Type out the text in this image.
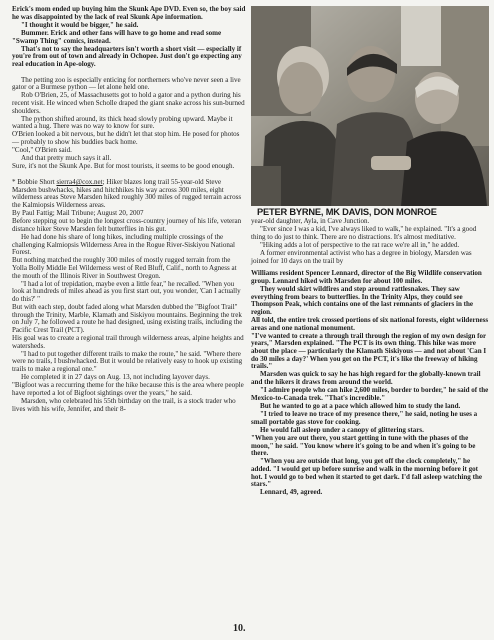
Erick's mom ended up buying him the Skunk Ape DVD. Even so, the boy said he was disappointed by the lack of real Skunk Ape information.

"I thought it would be bigger," he said.

Bummer. Erick and other fans will have to go home and read some "Swamp Thing" comics, instead.

That's not to say the headquarters isn't worth a short visit — especially if you're from out of town and already in Ochopee. Just don't go expecting any real education in Ape-ology.

The petting zoo is especially enticing for northerners who've never seen a live gator or a Burmese python — let alone held one.

Rob O'Brien, 25, of Massachusetts got to hold a gator and a python during his recent visit. He winced when Scholle draped the giant snake across his sun-burned shoulders.

The python shifted around, its thick head slowly probing upward. Maybe it wanted a hug. There was no way to know for sure.

O'Brien looked a bit nervous, but he didn't let that stop him. He posed for photos — probably to show his buddies back home.

"Cool," O'Brien said.

And that pretty much says it all.

Sure, it's not the Skunk Ape. But for most tourists, it seems to be good enough.

* Bobbie Short sierra4@cox.net; Hiker blazes long trail 55-year-old Steve Marsden bushwhacks, hikes and hitchhikes his way across 300 miles, eight wilderness areas Steve Marsden hiked roughly 300 miles of rugged terrain across the Kalmiopsis Wilderness areas.

By Paul Fattig; Mail Tribune; August 20, 2007

Before stepping out to begin the longest cross-country journey of his life, veteran distance hiker Steve Marsden felt butterflies in his gut.

He had done his share of long hikes, including multiple crossings of the challenging Kalmiopsis Wilderness Area in the Rogue River-Siskiyou National Forest.

But nothing matched the roughly 300 miles of mostly rugged terrain from the Yolla Bolly Middle Eel Wilderness west of Red Bluff, Calif., north to Agness at the mouth of the Illinois River in Southwest Oregon.

"I had a lot of trepidation, maybe even a little fear," he recalled. "When you look at hundreds of miles ahead as you first start out, you wonder, 'Can I actually do this?' "

But with each step, doubt faded along what Marsden dubbed the "Bigfoot Trail" through the Trinity, Marble, Klamath and Siskiyou mountains. Beginning the trek on July 7, he followed a route he had designed, using existing trails, including the Pacific Crest Trail (PCT).

His goal was to create a regional trail through wilderness areas, alpine heights and watersheds.

"I had to put together different trails to make the route," he said. "Where there were no trails, I bushwhacked. But it would be relatively easy to hook up existing trails to make a regional one."

He completed it in 27 days on Aug. 13, not including layover days.

"Bigfoot was a reccurring theme for the hike because this is the area where people have reported a lot of Bigfoot sightings over the years," he said.

Marsden, who celebrated his 55th birthday on the trail, is a stock trader who lives with his wife, Jennifer, and their 8-

PETER BYRNE, MK DAVIS, DON MONROE

year-old daughter, Ayla, in Cave Junction.

"Ever since I was a kid, I've always liked to walk," he explained. "It's a good thing to do just to think. There are no distractions. It's almost meditative.

"Hiking adds a lot of perspective to the rat race we're all in," he added.

A former environmental activist who has a degree in biology, Marsden was joined for 10 days on the trail by

Williams resident Spencer Lennard, director of the Big Wildlife conservation group. Lennard hiked with Marsden for about 100 miles.

They would skirt wildfires and step around rattlesnakes. They saw everything from bears to butterflies. In the Trinity Alps, they could see Thompson Peak, which contains one of the last remnants of glaciers in the region.

All told, the entire trek crossed portions of six national forests, eight wilderness areas and one national monument.

"I've wanted to create a through trail through the region of my own design for years," Marsden explained. "The PCT is its own thing. This hike was more about the place — particularly the Klamath Siskiyous — and not about 'Can I do 30 miles a day?' When you get on the PCT, it's like the freeway of hiking trails."

Marsden was quick to say he has high regard for the globally-known trail and the hikers it draws from around the world.

"I admire people who can hike 2,600 miles, border to border," he said of the Mexico-to-Canada trek. "That's incredible."

But he wanted to go at a pace which allowed him to study the land.

"I tried to leave no trace of my presence there," he said, noting he uses a small portable gas stove for cooking.

He would fall asleep under a canopy of glittering stars.

"When you are out there, you start getting in tune with the phases of the moon," he said. "You know where it's going to be and when it's going to be there.

"When you are outside that long, you get off the clock completely," he added. "I would get up before sunrise and walk in the morning before it got hot. I would go to bed when it started to get dark. I'd fall asleep watching the stars."

Lennard, 49, agreed.

10.
